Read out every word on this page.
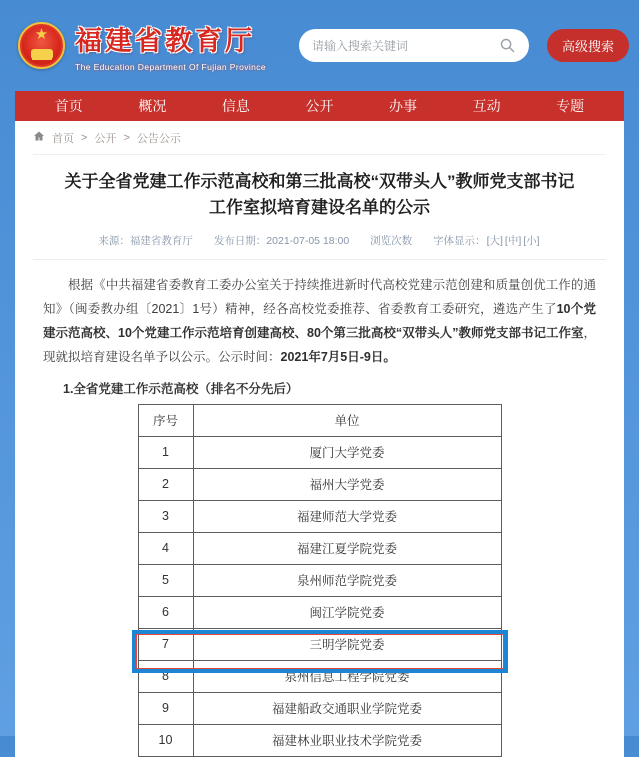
★
福建省教育厅
The Education Department Of Fujian Province
请输入搜索关键词
高级搜索
首页	概况	信息	公开	办事	互动	专题
首页 > 公开 > 公告公示
关于全省党建工作示范高校和第三批高校“双带头人”教师党支部书记工作室拟培育建设名单的公示
来源：福建省教育厅 发布日期：2021-07-05 18:00 浏览次数 字体显示：[大] [中] [小]

根据《中共福建省委教育工委办公室关于持续推进新时代高校党建示范创建和质量创优工作的通知》（闽委教办组〔2021〕1号）精神，经各高校党委推荐、省委教育工委研究，遴选产生了10个党建示范高校、10个党建工作示范培育创建高校、80个第三批高校“双带头人”教师党支部书记工作室，现就拟培育建设名单予以公示。公示时间：2021年7月5日-9日。

1.全省党建工作示范高校（排名不分先后）
序号	单位
1	厦门大学党委
2	福州大学党委
3	福建师范大学党委
4	福建江夏学院党委
5	泉州师范学院党委
6	闽江学院党委
7	三明学院党委
8	泉州信息工程学院党委
9	福建船政交通职业学院党委
10	福建林业职业技术学院党委
